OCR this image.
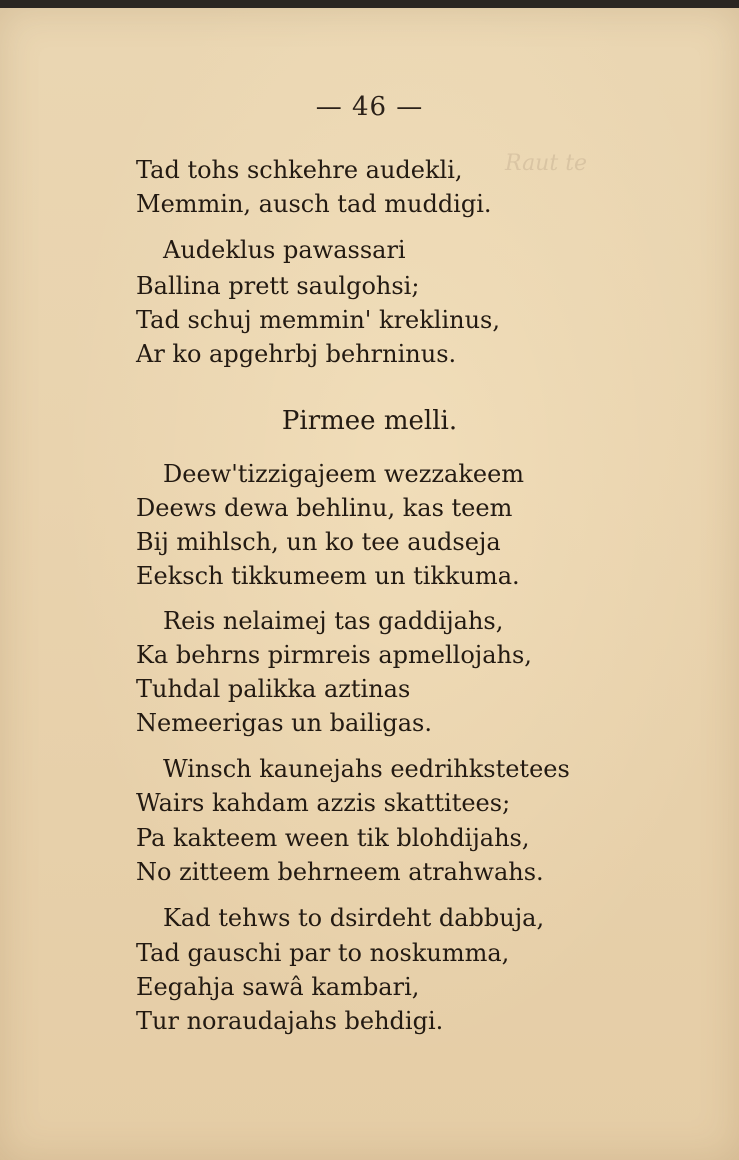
— 46 —
Raut te
Tad tohs schkehre audekli,
Memmin, ausch tad muddigi.
Audeklus pawassari
Ballina prett saulgohsi;
Tad schuj memmin' kreklinus,
Ar ko apgehrbj behrninus.
Pirmee melli.
Deew'tizzigajeem wezzakeem
Deews dewa behlinu, kas teem
Bij mihlsch, un ko tee audseja
Eeksch tikkumeem un tikkuma.
Reis nelaimej tas gaddijahs,
Ka behrns pirmreis apmellojahs,
Tuhdal palikka aztinas
Nemeerigas un bailigas.
Winsch kaunejahs eedrihkstetees
Wairs kahdam azzis skattitees;
Pa kakteem ween tik blohdijahs,
No zitteem behrneem atrahwahs.
Kad tehws to dsirdeht dabbuja,
Tad gauschi par to noskumma,
Eegahja sawâ kambari,
Tur noraudajahs behdigi.
